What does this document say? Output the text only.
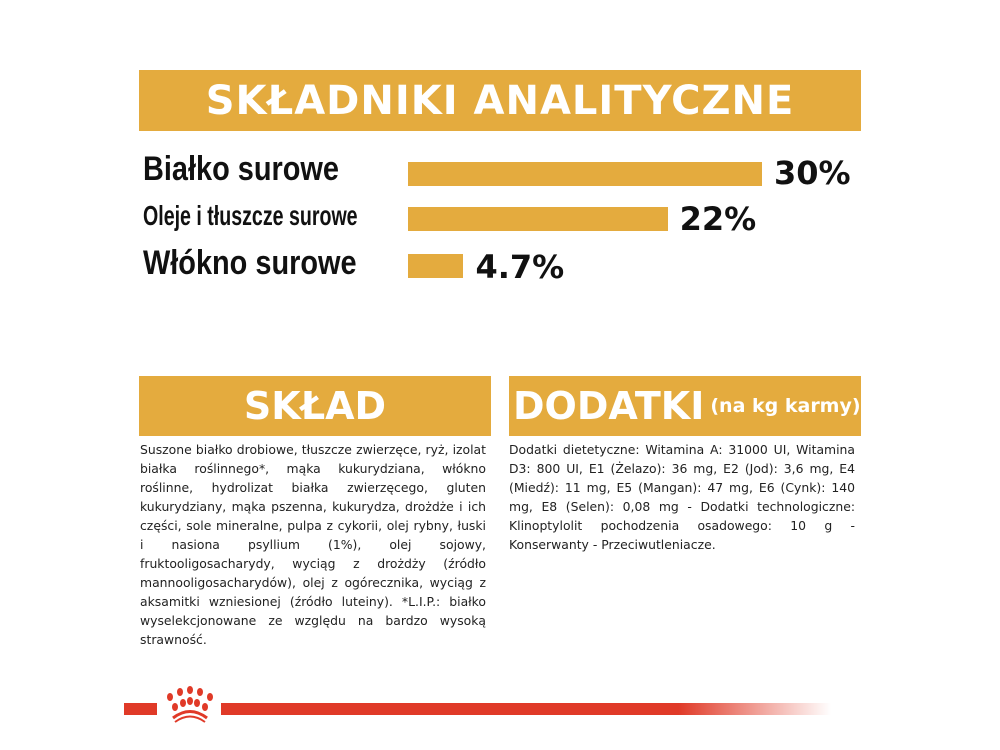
SKŁADNIKI ANALITYCZNE
Białko surowe	30%
Oleje i tłuszcze surowe	22%
Włókno surowe	4.7%
SKŁAD
Suszone białko drobiowe, tłuszcze zwierzęce, ryż, izolat białka roślinnego*, mąka kukurydziana, włókno roślinne, hydrolizat białka zwierzęcego, gluten kukurydziany, mąka pszenna, kukurydza, drożdże i ich części, sole mineralne, pulpa z cykorii, olej rybny, łuski i nasiona psyllium (1%), olej sojowy, fruktooligosacharydy, wyciąg z drożdży (źródło mannooligosacharydów), olej z ogórecznika, wyciąg z aksamitki wzniesionej (źródło luteiny). *L.I.P.: białko wyselekcjonowane ze względu na bardzo wysoką strawność.
DODATKI (na kg karmy)
Dodatki dietetyczne: Witamina A: 31000 UI, Witamina D3: 800 UI, E1 (Żelazo): 36 mg, E2 (Jod): 3,6 mg, E4 (Miedź): 11 mg, E5 (Mangan): 47 mg, E6 (Cynk): 140 mg, E8 (Selen): 0,08 mg - Dodatki technologiczne: Klinoptylolit pochodzenia osadowego: 10 g - Konserwanty - Przeciwutleniacze.
